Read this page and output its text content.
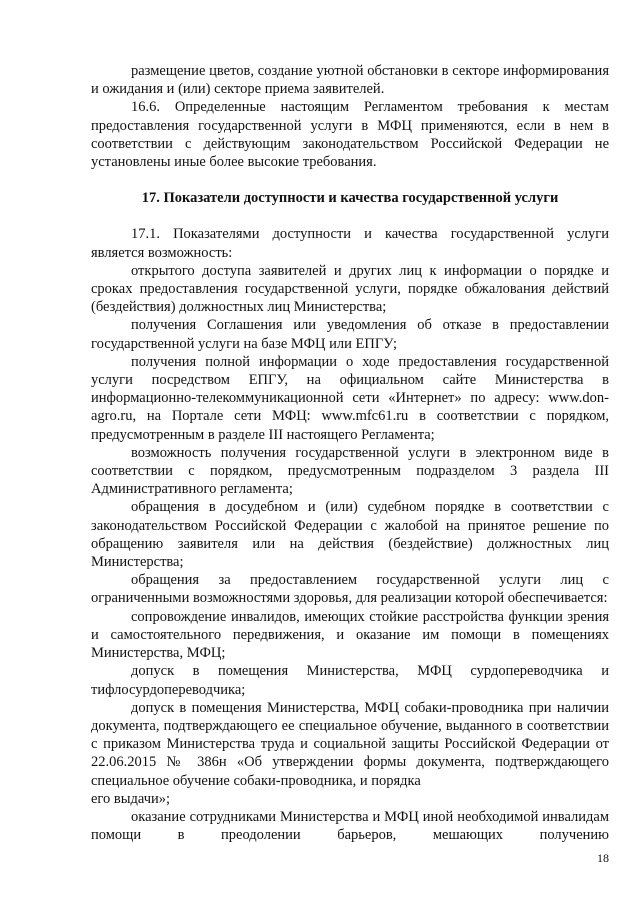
размещение цветов, создание уютной обстановки в секторе информирования и ожидания и (или) секторе приема заявителей.

16.6. Определенные настоящим Регламентом требования к местам предоставления государственной услуги в МФЦ применяются, если в нем в соответствии с действующим законодательством Российской Федерации не установлены иные более высокие требования.

17. Показатели доступности и качества государственной услуги

17.1. Показателями доступности и качества государственной услуги является возможность:

открытого доступа заявителей и других лиц к информации о порядке и сроках предоставления государственной услуги, порядке обжалования действий (бездействия) должностных лиц Министерства;

получения Соглашения или уведомления об отказе в предоставлении государственной услуги на базе МФЦ или ЕПГУ;

получения полной информации о ходе предоставления государственной услуги посредством ЕПГУ, на официальном сайте Министерства в информационно-телекоммуникационной сети «Интернет» по адресу: www.don-agro.ru, на Портале сети МФЦ: www.mfc61.ru в соответствии с порядком, предусмотренным в разделе III настоящего Регламента;

возможность получения государственной услуги в электронном виде в соответствии с порядком, предусмотренным подразделом 3 раздела III Административного регламента;

обращения в досудебном и (или) судебном порядке в соответствии с законодательством Российской Федерации с жалобой на принятое решение по обращению заявителя или на действия (бездействие) должностных лиц Министерства;

обращения за предоставлением государственной услуги лиц с ограниченными возможностями здоровья, для реализации которой обеспечивается:

сопровождение инвалидов, имеющих стойкие расстройства функции зрения и самостоятельного передвижения, и оказание им помощи в помещениях Министерства, МФЦ;

допуск в помещения Министерства, МФЦ сурдопереводчика и тифлосурдопереводчика;

допуск в помещения Министерства, МФЦ собаки-проводника при наличии документа, подтверждающего ее специальное обучение, выданного в соответствии с приказом Министерства труда и социальной защиты Российской Федерации от 22.06.2015 № 386н «Об утверждении формы документа, подтверждающего специальное обучение собаки-проводника, и порядка

его выдачи»;

оказание сотрудниками Министерства и МФЦ иной необходимой инвалидам помощи в преодолении барьеров, мешающих получению

18
